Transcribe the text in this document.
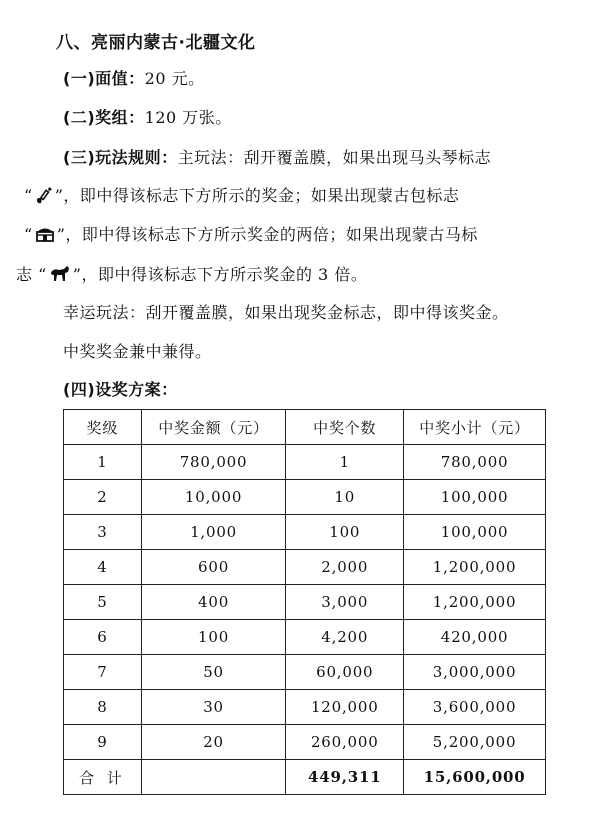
八、亮丽内蒙古·北疆文化
(一)面值：20 元。
(二)奖组：120 万张。
(三)玩法规则：主玩法：刮开覆盖膜，如果出现马头琴标志
“ ”，即中得该标志下方所示的奖金；如果出现蒙古包标志
“ ”，即中得该标志下方所示奖金的两倍；如果出现蒙古马标
志 “ ”，即中得该标志下方所示奖金的 3 倍。
幸运玩法：刮开覆盖膜，如果出现奖金标志，即中得该奖金。
中奖奖金兼中兼得。
(四)设奖方案：
奖级	中奖金额（元）	中奖个数	中奖小计（元）
1	780,000	1	780,000
2	10,000	10	100,000
3	1,000	100	100,000
4	600	2,000	1,200,000
5	400	3,000	1,200,000
6	100	4,200	420,000
7	50	60,000	3,000,000
8	30	120,000	3,600,000
9	20	260,000	5,200,000
合 计		449,311	15,600,000
